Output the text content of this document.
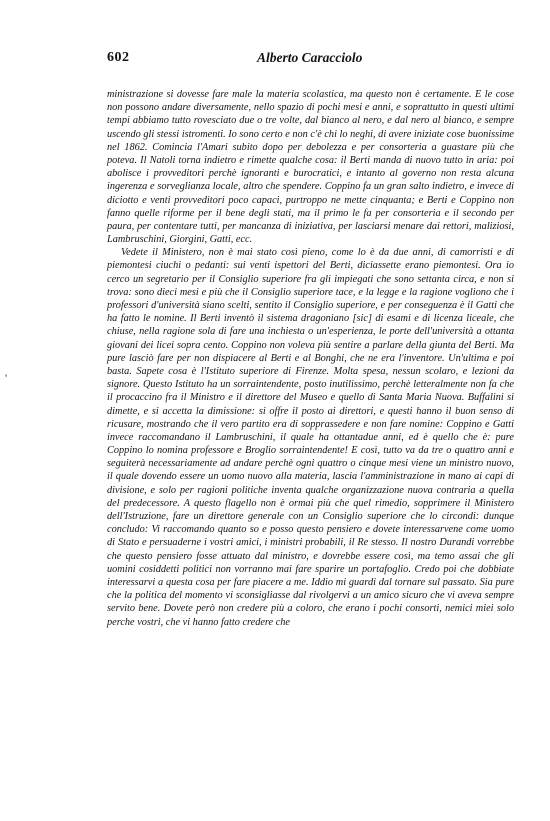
602	Alberto Caracciolo
'

ministrazione si dovesse fare male la materia scolastica, ma questo non è certamente. E le cose non possono andare diversamente, nello spazio di pochi mesi e anni, e soprattutto in questi ultimi tempi abbiamo tutto rovesciato due o tre volte, dal bianco al nero, e dal nero al bianco, e sempre uscendo gli stessi istromenti. Io sono certo e non c'è chi lo neghi, di avere iniziate cose buonissime nel 1862. Comincia l'Amari subito dopo per debolezza e per consorteria a guastare più che poteva. Il Natoli torna indietro e rimette qualche cosa: il Berti manda di nuovo tutto in aria: poi abolisce i provveditori perchè ignoranti e burocratici, e intanto al governo non resta alcuna ingerenza e sorveglianza locale, altro che spendere. Coppino fa un gran salto indietro, e invece di diciotto e venti provveditori poco capaci, purtroppo ne mette cinquanta; e Berti e Coppino non fanno quelle riforme per il bene degli stati, ma il primo le fa per consorteria e il secondo per paura, per contentare tutti, per mancanza di iniziativa, per lasciarsi menare dai rettori, maliziosi, Lambruschini, Giorgini, Gatti, ecc.

Vedete il Ministero, non è mai stato così pieno, come lo è da due anni, di camorristi e di piemontesi ciuchi o pedanti: sui venti ispettori del Berti, diciassette erano piemontesi. Ora io cerco un segretario per il Consiglio superiore fra gli impiegati che sono settanta circa, e non si trova: sono dieci mesi e più che il Consiglio superiore tace, e la legge e la ragione vogliono che i professori d'università siano scelti, sentito il Consiglio superiore, e per conseguenza è il Gatti che ha fatto le nomine. Il Berti inventò il sistema dragoniano [sic] di esami e di licenza liceale, che chiuse, nella ragione sola di fare una inchiesta o un'esperienza, le porte dell'università a ottanta giovani dei licei sopra cento. Coppino non voleva più sentire a parlare della giunta del Berti. Ma pure lasciò fare per non dispiacere al Berti e al Bonghi, che ne era l'inventore. Un'ultima e poi basta. Sapete cosa è l'Istituto superiore di Firenze. Molta spesa, nessun scolaro, e lezioni da signore. Questo Istituto ha un sorraintendente, posto inutilissimo, perchè letteralmente non fa che il procaccino fra il Ministro e il direttore del Museo e quello di Santa Maria Nuova. Buffalini si dimette, e si accetta la dimissione: si offre il posto ai direttori, e questi hanno il buon senso di ricusare, mostrando che il vero partito era di sopprassedere e non fare nomine: Coppino e Gatti invece raccomandano il Lambruschini, il quale ha ottantadue anni, ed è quello che è: pure Coppino lo nomina professore e Broglio sorraintendente! E così, tutto va da tre o quattro anni e seguiterà necessariamente ad andare perchè ogni quattro o cinque mesi viene un ministro nuovo, il quale dovendo essere un uomo nuovo alla materia, lascia l'amministrazione in mano ai capi di divisione, e solo per ragioni politiche inventa qualche organizzazione nuova contraria a quella del predecessore. A questo flagello non è ormai più che quel rimedio, sopprimere il Ministero dell'Istruzione, fare un direttore generale con un Consiglio superiore che lo circondi: dunque concludo: Vi raccomando quanto so e posso questo pensiero e dovete interessarvene come uomo di Stato e persuaderne i vostri amici, i ministri probabili, il Re stesso. Il nostro Durandi vorrebbe che questo pensiero fosse attuato dal ministro, e dovrebbe essere così, ma temo assai che gli uomini cosiddetti politici non vorranno mai fare sparire un portafoglio. Credo poi che dobbiate interessarvi a questa cosa per fare piacere a me. Iddio mi guardi dal tornare sul passato. Sia pure che la politica del momento vi sconsigliasse dal rivolgervi a un amico sicuro che vi aveva sempre servito bene. Dovete però non credere più a coloro, che erano i pochi consorti, nemici miei solo perche vostri, che vi hanno fatto credere che
